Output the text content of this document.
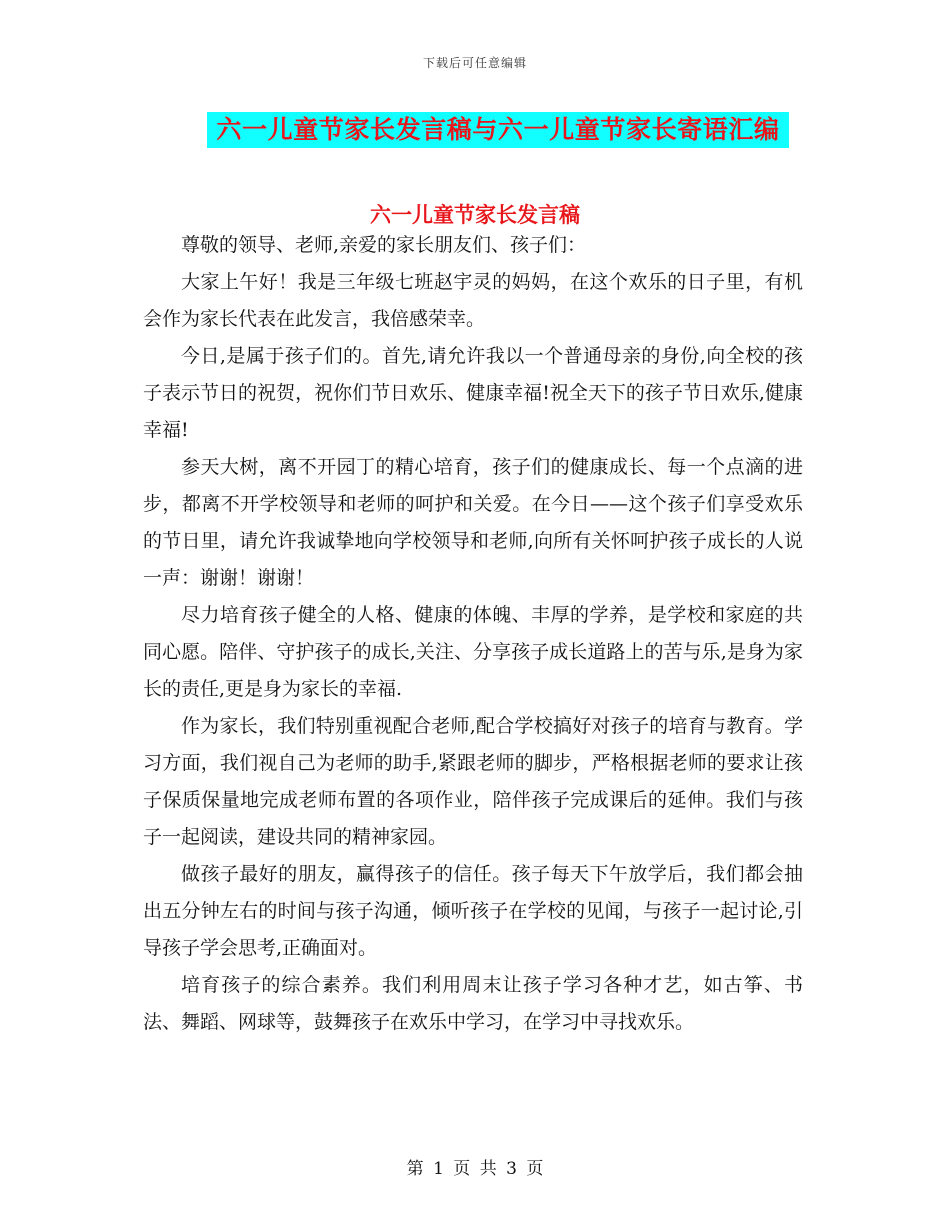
下载后可任意编辑
六一儿童节家长发言稿与六一儿童节家长寄语汇编
六一儿童节家长发言稿

尊敬的领导、老师,亲爱的家长朋友们、孩子们：

大家上午好！我是三年级七班赵宇灵的妈妈，在这个欢乐的日子里，有机会作为家长代表在此发言，我倍感荣幸。

今日,是属于孩子们的。首先,请允许我以一个普通母亲的身份,向全校的孩子表示节日的祝贺，祝你们节日欢乐、健康幸福!祝全天下的孩子节日欢乐,健康幸福!

参天大树，离不开园丁的精心培育，孩子们的健康成长、每一个点滴的进步，都离不开学校领导和老师的呵护和关爱。在今日——这个孩子们享受欢乐的节日里，请允许我诚挚地向学校领导和老师,向所有关怀呵护孩子成长的人说一声：谢谢！谢谢！

尽力培育孩子健全的人格、健康的体魄、丰厚的学养，是学校和家庭的共同心愿。陪伴、守护孩子的成长,关注、分享孩子成长道路上的苦与乐,是身为家长的责任,更是身为家长的幸福.

作为家长，我们特别重视配合老师,配合学校搞好对孩子的培育与教育。学习方面，我们视自己为老师的助手,紧跟老师的脚步，严格根据老师的要求让孩子保质保量地完成老师布置的各项作业，陪伴孩子完成课后的延伸。我们与孩子一起阅读，建设共同的精神家园。

做孩子最好的朋友，赢得孩子的信任。孩子每天下午放学后，我们都会抽出五分钟左右的时间与孩子沟通，倾听孩子在学校的见闻，与孩子一起讨论,引导孩子学会思考,正确面对。

培育孩子的综合素养。我们利用周末让孩子学习各种才艺，如古筝、书法、舞蹈、网球等，鼓舞孩子在欢乐中学习，在学习中寻找欢乐。

第 1 页 共 3 页
